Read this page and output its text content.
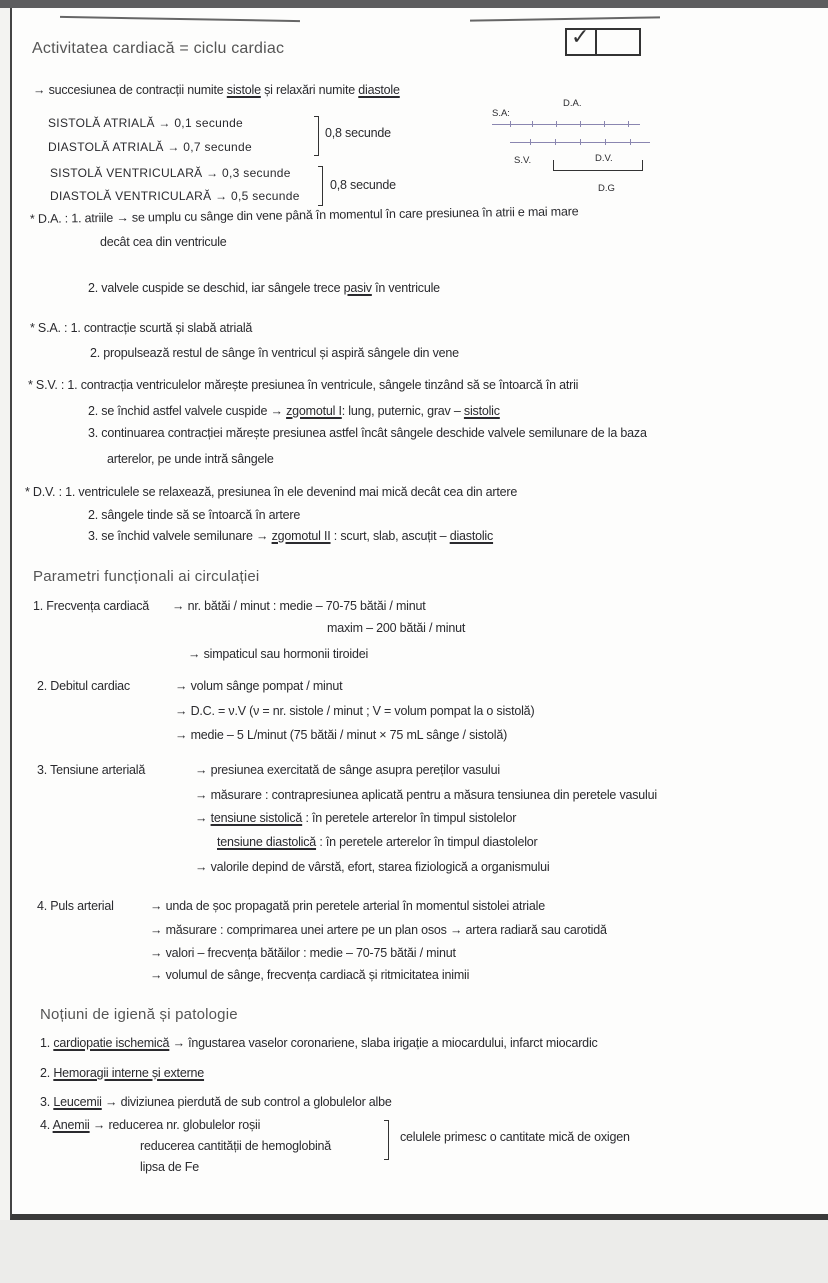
Activitatea cardiacă = ciclu cardiac	✓
→ succesiunea de contracții numite sistole și relaxări numite diastole
SISTOLĂ ATRIALĂ → 0,1 secunde
DIASTOLĂ ATRIALĂ → 0,7 secunde
0,8 secunde
SISTOLĂ VENTRICULARĂ → 0,3 secunde
DIASTOLĂ VENTRICULARĂ → 0,5 secunde
0,8 secunde
S.A:
D.A.
S.V.	D.V.
D.G
* D.A. : 1. atriile → se umplu cu sânge din vene până în momentul în care presiunea în atrii e mai mare
decât cea din ventricule
2. valvele cuspide se deschid, iar sângele trece pasiv în ventricule
* S.A. : 1. contracție scurtă și slabă atrială
2. propulsează restul de sânge în ventricul și aspiră sângele din vene
* S.V. : 1. contracția ventriculelor mărește presiunea în ventricule, sângele tinzând să se întoarcă în atrii
2. se închid astfel valvele cuspide → zgomotul I: lung, puternic, grav – sistolic
3. continuarea contracției mărește presiunea astfel încât sângele deschide valvele semilunare de la baza
arterelor, pe unde intră sângele
* D.V. : 1. ventriculele se relaxează, presiunea în ele devenind mai mică decât cea din artere
2. sângele tinde să se întoarcă în artere
3. se închid valvele semilunare → zgomotul II : scurt, slab, ascuțit – diastolic
Parametri funcționali ai circulației
1. Frecvența cardiacă → nr. bătăi / minut : medie – 70-75 bătăi / minut
maxim – 200 bătăi / minut
→ simpaticul sau hormonii tiroidei
2. Debitul cardiac	→ volum sânge pompat / minut
→ D.C. = ν.V (ν = nr. sistole / minut ; V = volum pompat la o sistolă)
→ medie – 5 L/minut (75 bătăi / minut × 75 mL sânge / sistolă)
3. Tensiune arterială	→ presiunea exercitată de sânge asupra pereților vasului
→ măsurare : contrapresiunea aplicată pentru a măsura tensiunea din peretele vasului
→ tensiune sistolică : în peretele arterelor în timpul sistolelor
tensiune diastolică : în peretele arterelor în timpul diastolelor
→ valorile depind de vârstă, efort, starea fiziologică a organismului
4. Puls arterial	→ unda de șoc propagată prin peretele arterial în momentul sistolei atriale
→ măsurare : comprimarea unei artere pe un plan osos → artera radiară sau carotidă
→ valori – frecvența bătăilor : medie – 70-75 bătăi / minut
→ volumul de sânge, frecvența cardiacă și ritmicitatea inimii
Noțiuni de igienă și patologie
1. cardiopatie ischemică → îngustarea vaselor coronariene, slaba irigație a miocardului, infarct miocardic
2. Hemoragii interne și externe
3. Leucemii → diviziunea pierdută de sub control a globulelor albe
4. Anemii → reducerea nr. globulelor roșii
reducerea cantității de hemoglobină
lipsa de Fe
celulele primesc o cantitate mică de oxigen
